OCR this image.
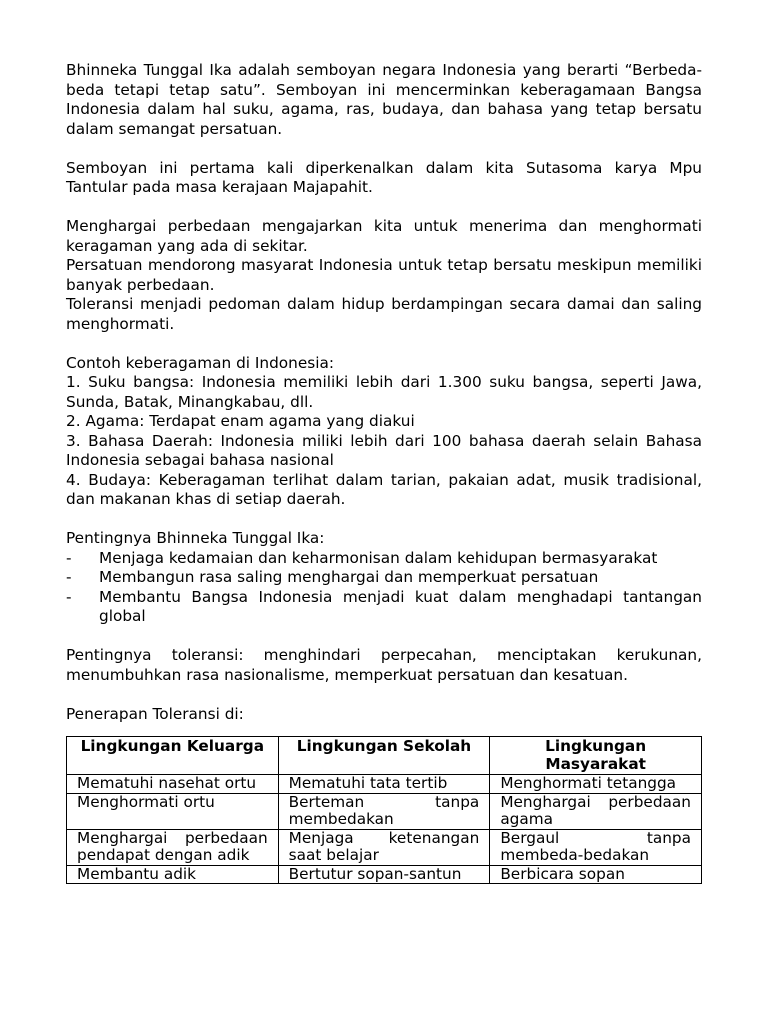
Bhinneka Tunggal Ika adalah semboyan negara Indonesia yang berarti “Berbeda-beda tetapi tetap satu”. Semboyan ini mencerminkan keberagamaan Bangsa Indonesia dalam hal suku, agama, ras, budaya, dan bahasa yang tetap bersatu dalam semangat persatuan.

Semboyan ini pertama kali diperkenalkan dalam kita Sutasoma karya Mpu Tantular pada masa kerajaan Majapahit.

Menghargai perbedaan mengajarkan kita untuk menerima dan menghormati keragaman yang ada di sekitar.

Persatuan mendorong masyarat Indonesia untuk tetap bersatu meskipun memiliki banyak perbedaan.

Toleransi menjadi pedoman dalam hidup berdampingan secara damai dan saling menghormati.

Contoh keberagaman di Indonesia:

1. Suku bangsa: Indonesia memiliki lebih dari 1.300 suku bangsa, seperti Jawa, Sunda, Batak, Minangkabau, dll.

2. Agama: Terdapat enam agama yang diakui

3. Bahasa Daerah: Indonesia miliki lebih dari 100 bahasa daerah selain Bahasa Indonesia sebagai bahasa nasional

4. Budaya: Keberagaman terlihat dalam tarian, pakaian adat, musik tradisional, dan makanan khas di setiap daerah.

Pentingnya Bhinneka Tunggal Ika:

- Menjaga kedamaian dan keharmonisan dalam kehidupan bermasyarakat
- Membangun rasa saling menghargai dan memperkuat persatuan
- Membantu Bangsa Indonesia menjadi kuat dalam menghadapi tantangan global

Pentingnya toleransi: menghindari perpecahan, menciptakan kerukunan, menumbuhkan rasa nasionalisme, memperkuat persatuan dan kesatuan.

Penerapan Toleransi di:

Lingkungan Keluarga	Lingkungan Sekolah	Lingkungan Masyarakat
Mematuhi nasehat ortu	Mematuhi tata tertib	Menghormati tetangga
Menghormati ortu	Berteman tanpa membedakan	Menghargai perbedaan agama
Menghargai perbedaan pendapat dengan adik	Menjaga ketenangan saat belajar	Bergaul tanpa membeda-bedakan
Membantu adik	Bertutur sopan-santun	Berbicara sopan
